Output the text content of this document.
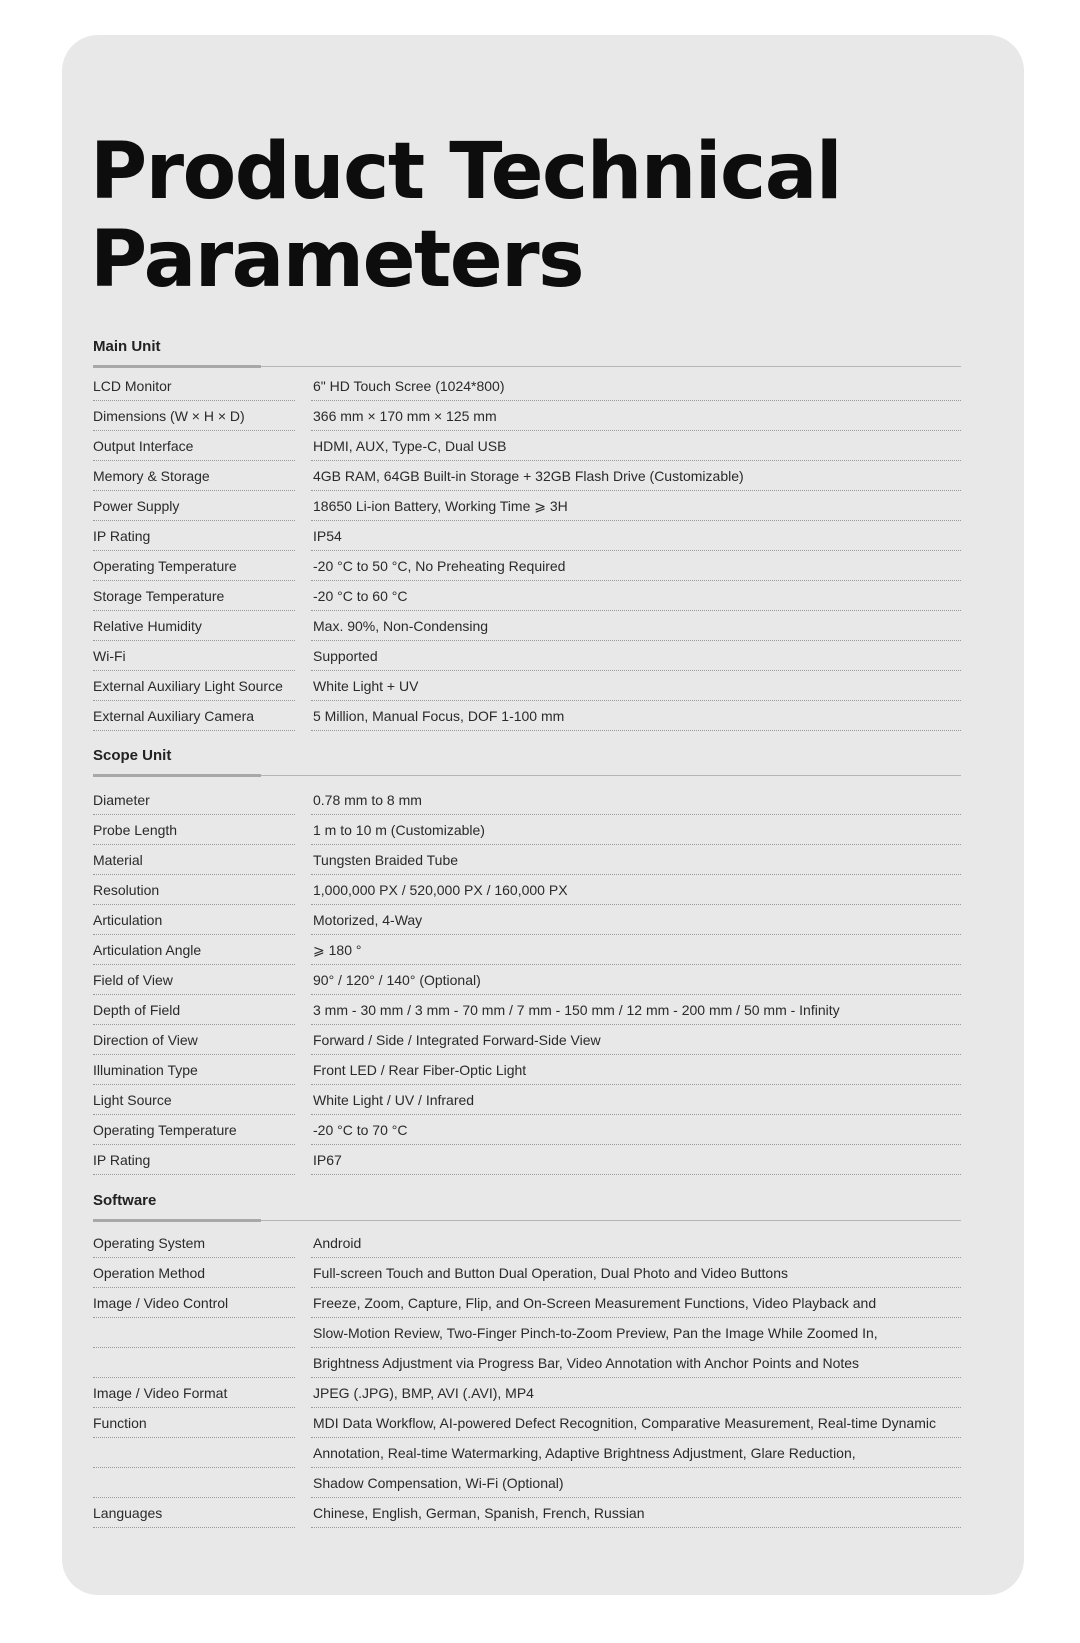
Product Technical
Parameters
Main Unit
LCD Monitor	6" HD Touch Scree (1024*800)
Dimensions (W × H × D)	366 mm × 170 mm × 125 mm
Output Interface	HDMI, AUX, Type-C, Dual USB
Memory & Storage	4GB RAM, 64GB Built-in Storage + 32GB Flash Drive (Customizable)
Power Supply	18650 Li-ion Battery, Working Time ⩾ 3H
IP Rating	IP54
Operating Temperature	-20 °C to 50 °C, No Preheating Required
Storage Temperature	-20 °C to 60 °C
Relative Humidity	Max. 90%, Non-Condensing
Wi-Fi	Supported
External Auxiliary Light Source	White Light + UV
External Auxiliary Camera	5 Million, Manual Focus, DOF 1-100 mm
Scope Unit
Diameter	0.78 mm to 8 mm
Probe Length	1 m to 10 m (Customizable)
Material	Tungsten Braided Tube
Resolution	1,000,000 PX / 520,000 PX / 160,000 PX
Articulation	Motorized, 4-Way
Articulation Angle	⩾ 180 °
Field of View	90° / 120° / 140° (Optional)
Depth of Field	3 mm - 30 mm / 3 mm - 70 mm / 7 mm - 150 mm / 12 mm - 200 mm / 50 mm - Infinity
Direction of View	Forward / Side / Integrated Forward-Side View
Illumination Type	Front LED / Rear Fiber-Optic Light
Light Source	White Light / UV / Infrared
Operating Temperature	-20 °C to 70 °C
IP Rating	IP67
Software
Operating System	Android
Operation Method	Full-screen Touch and Button Dual Operation, Dual Photo and Video Buttons
Image / Video Control	Freeze, Zoom, Capture, Flip, and On-Screen Measurement Functions, Video Playback and
Slow-Motion Review, Two-Finger Pinch-to-Zoom Preview, Pan the Image While Zoomed In,
Brightness Adjustment via Progress Bar, Video Annotation with Anchor Points and Notes
Image / Video Format	JPEG (.JPG), BMP, AVI (.AVI), MP4
Function	MDI Data Workflow, AI-powered Defect Recognition, Comparative Measurement, Real-time Dynamic
Annotation, Real-time Watermarking, Adaptive Brightness Adjustment, Glare Reduction,
Shadow Compensation, Wi-Fi (Optional)
Languages	Chinese, English, German, Spanish, French, Russian
